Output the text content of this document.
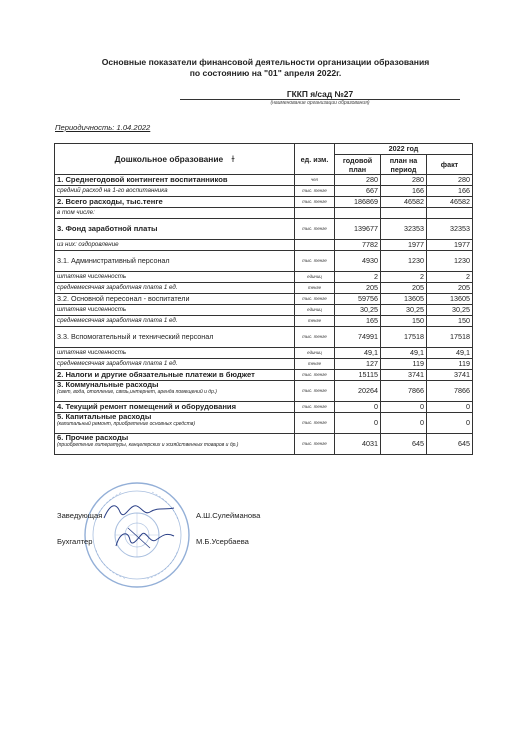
Основные показатели финансовой деятельности организации образования
по состоянию на "01" апреля 2022г.
ГККП я/сад №27
(наименование организации образования)
Периодичность: 1.04.2022
Дошкольное образование ɫ	ед. изм.	2022 год		
		годовой план	план на период	факт
1. Среднегодовой контингент воспитанников	чел	280	280	280
средний расход на 1-го воспитанника	тыс. тенге	667	166	166
2. Всего расходы, тыс.тенге	тыс. тенге	186869	46582	46582
в том числе:				
3. Фонд заработной платы	тыс. тенге	139677	32353	32353
из них: оздоровление		7782	1977	1977
3.1. Административный персонал	тыс. тенге	4930	1230	1230
штатная численность	единиц	2	2	2
среднемесячная заработная плата 1 ед.	тенге	205	205	205
3.2. Основной пересонал - воспитатели	тыс. тенге	59756	13605	13605
штатная численность	единиц	30,25	30,25	30,25
среднемесячная заработная плата 1 ед.	тенге	165	150	150
3.3. Вспомогательный и технический персонал	тыс. тенге	74991	17518	17518
штатная численность	единиц	49,1	49,1	49,1
среднемесячная заработная плата 1 ед.	тенге	127	119	119
2. Налоги и другие обязательные платежи в бюджет	тыс. тенге	15115	3741	3741
3. Коммунальные расходы
(свет, вода, отопление, связь,интернет, аренда помещений и др.)	тыс. тенге	20264	7866	7866
4. Текущий ремонт помещений и оборудования	тыс. тенге	0	0	0
5. Капитальные расходы
(капитальный ремонт, приобретение основных средств)	тыс. тенге	0	0	0
6. Прочие расходы
(приобретение литературы, канцелярских и хозяйственных товаров и др.)	тыс. тенге	4031	645	645
Заведующая	А.Ш.Сулейманова
Бухгалтер	М.Б.Усербаева
